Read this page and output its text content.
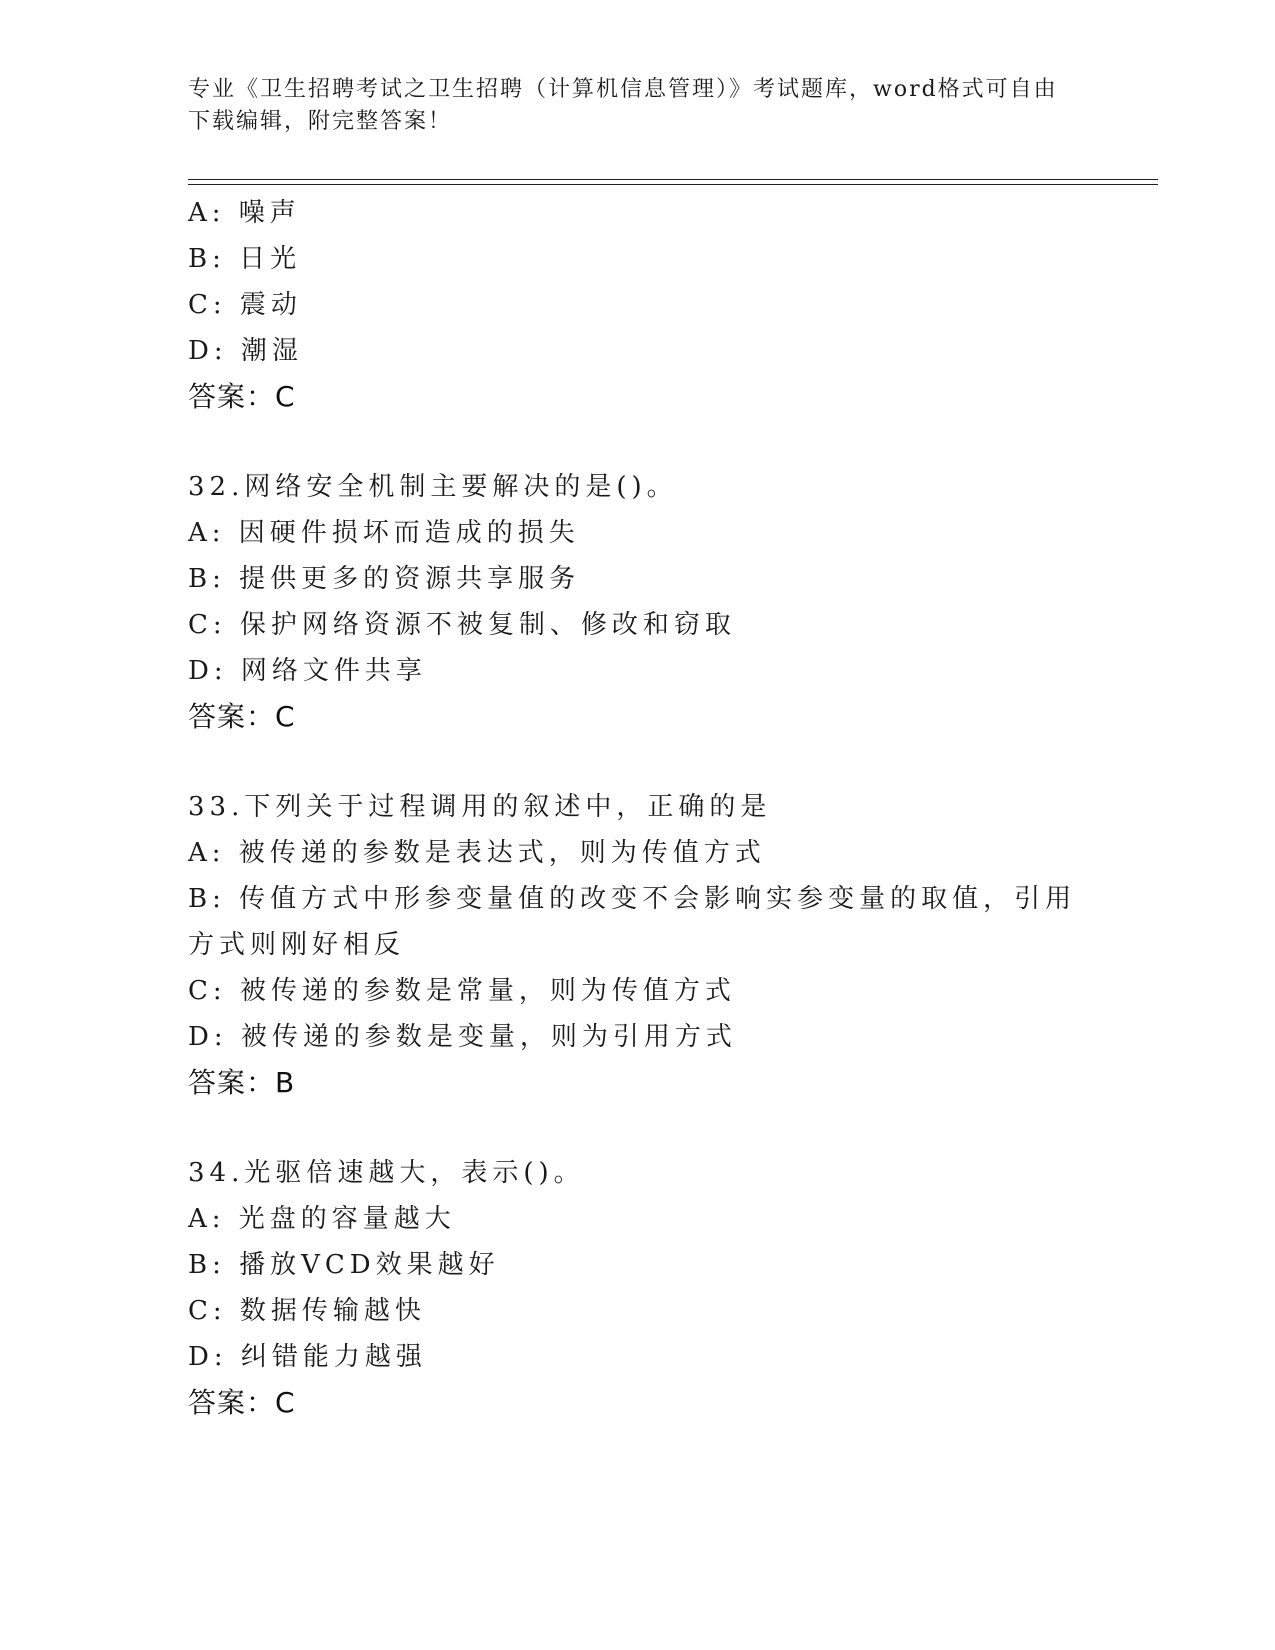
专业《卫生招聘考试之卫生招聘（计算机信息管理）》考试题库，word格式可自由下载编辑，附完整答案！
A: 噪声
B: 日光
C: 震动
D: 潮湿
答案：C
32.网络安全机制主要解决的是()。
A: 因硬件损坏而造成的损失
B: 提供更多的资源共享服务
C: 保护网络资源不被复制、修改和窃取
D: 网络文件共享
答案：C
33.下列关于过程调用的叙述中，正确的是
A: 被传递的参数是表达式，则为传值方式
B: 传值方式中形参变量值的改变不会影响实参变量的取值，引用方式则刚好相反
C: 被传递的参数是常量，则为传值方式
D: 被传递的参数是变量，则为引用方式
答案：B
34.光驱倍速越大，表示()。
A: 光盘的容量越大
B: 播放VCD效果越好
C: 数据传输越快
D: 纠错能力越强
答案：C
